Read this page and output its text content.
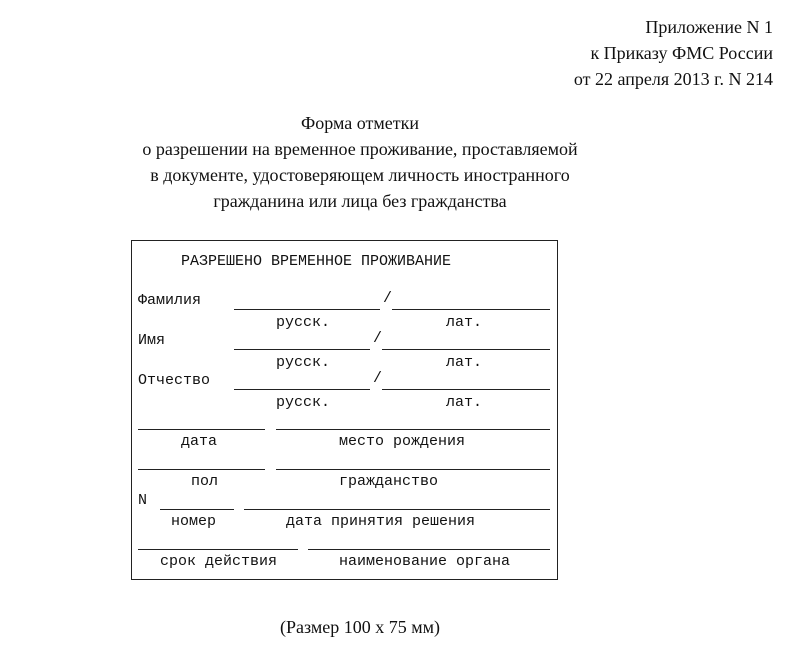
Приложение N 1
к Приказу ФМС России
от 22 апреля 2013 г. N 214
Форма отметки
о разрешении на временное проживание, проставляемой
в документе, удостоверяющем личность иностранного
гражданина или лица без гражданства
РАЗРЕШЕНО ВРЕМЕННОЕ ПРОЖИВАНИЕ
Фамилия	/
русск.	лат.
Имя	/
русск.	лат.
Отчество	/
русск.	лат.
дата	место рождения
пол	гражданство
N
номер	дата принятия решения
срок действия	наименование органа
(Размер 100 x 75 мм)
